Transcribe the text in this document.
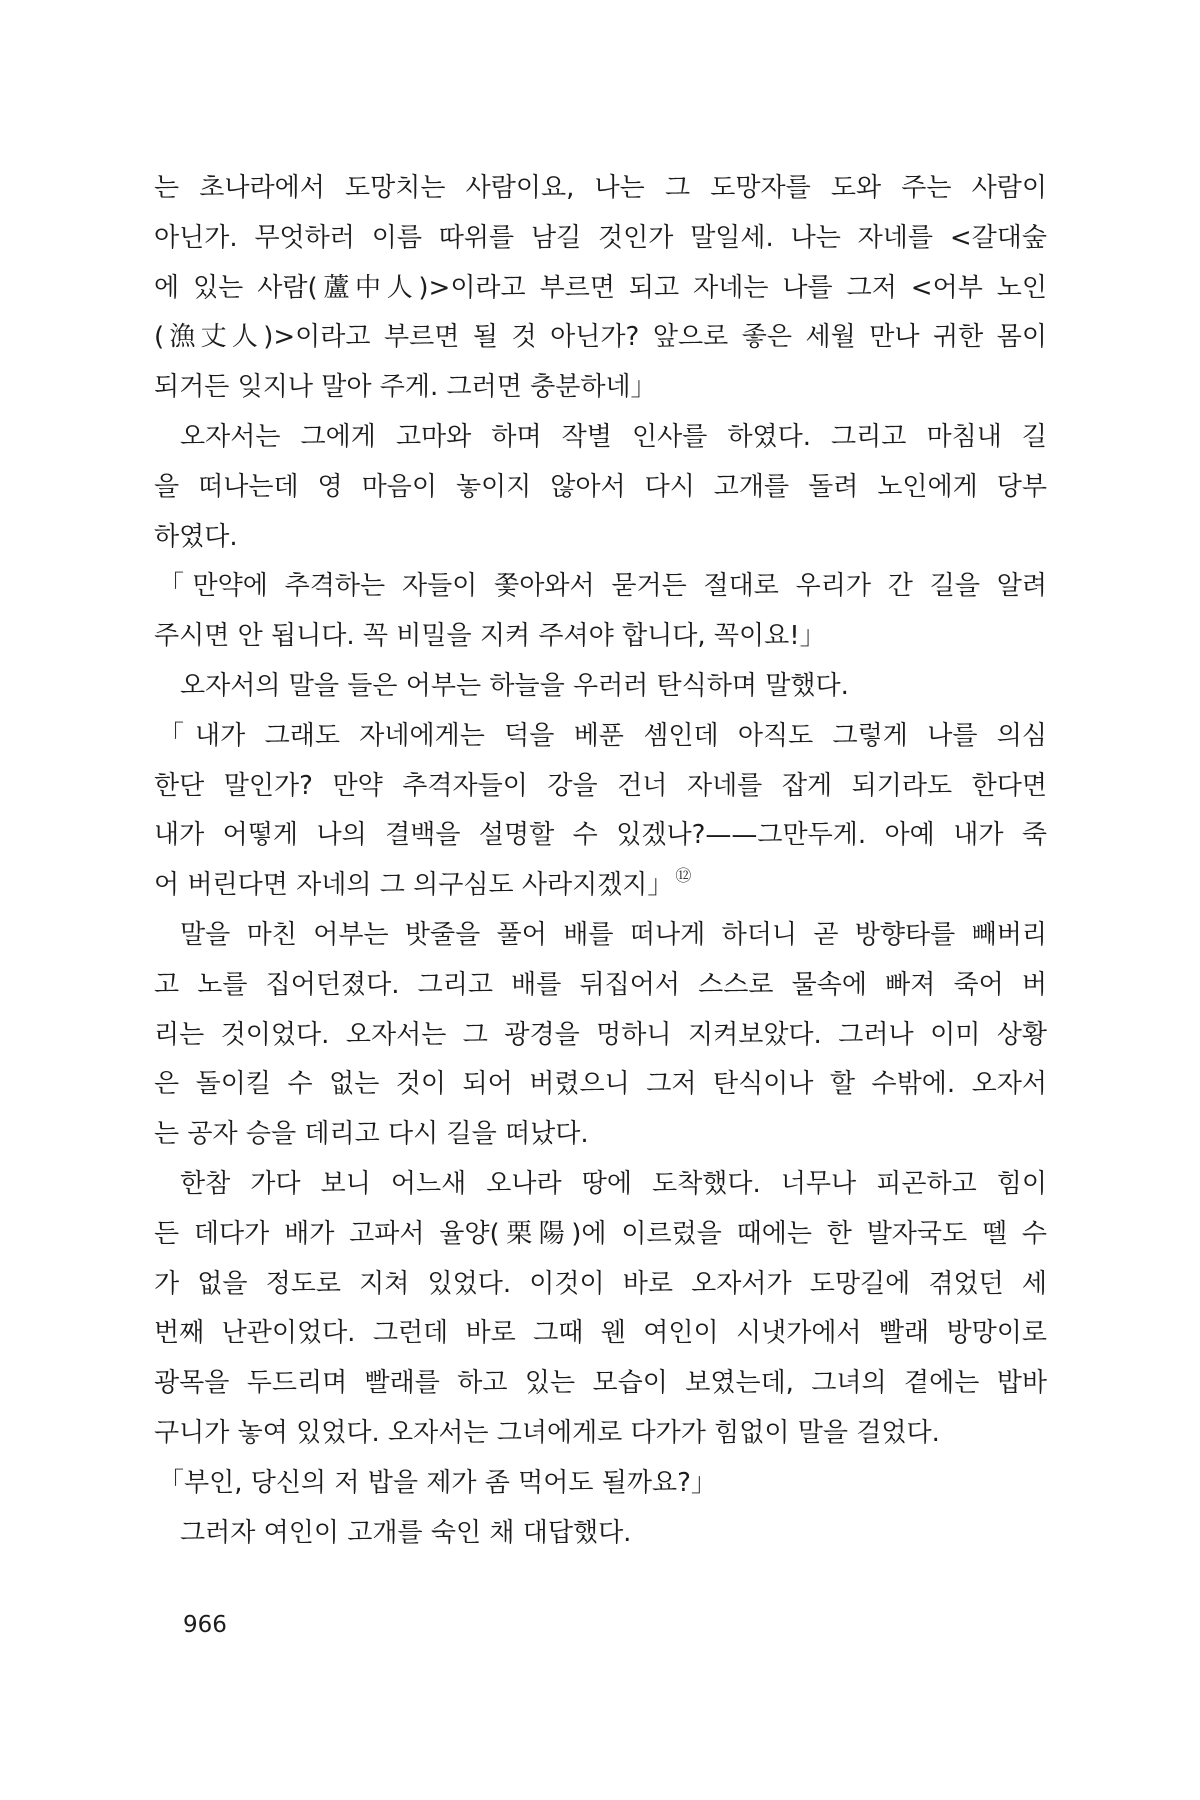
는 초나라에서 도망치는 사람이요, 나는 그 도망자를 도와 주는 사람이
아닌가. 무엇하러 이름 따위를 남길 것인가 말일세. 나는 자네를 <갈대숲
에 있는 사람(蘆中人)>이라고 부르면 되고 자네는 나를 그저 <어부 노인
(漁丈人)>이라고 부르면 될 것 아닌가? 앞으로 좋은 세월 만나 귀한 몸이
되거든 잊지나 말아 주게. 그러면 충분하네」
오자서는 그에게 고마와 하며 작별 인사를 하였다. 그리고 마침내 길
을 떠나는데 영 마음이 놓이지 않아서 다시 고개를 돌려 노인에게 당부
하였다.
「만약에 추격하는 자들이 쫓아와서 묻거든 절대로 우리가 간 길을 알려
주시면 안 됩니다. 꼭 비밀을 지켜 주셔야 합니다, 꼭이요!」
오자서의 말을 들은 어부는 하늘을 우러러 탄식하며 말했다.
「내가 그래도 자네에게는 덕을 베푼 셈인데 아직도 그렇게 나를 의심
한단 말인가? 만약 추격자들이 강을 건너 자네를 잡게 되기라도 한다면
내가 어떻게 나의 결백을 설명할 수 있겠나?——그만두게. 아예 내가 죽
어 버린다면 자네의 그 의구심도 사라지겠지」 ⑫
말을 마친 어부는 밧줄을 풀어 배를 떠나게 하더니 곧 방향타를 빼버리
고 노를 집어던졌다. 그리고 배를 뒤집어서 스스로 물속에 빠져 죽어 버
리는 것이었다. 오자서는 그 광경을 멍하니 지켜보았다. 그러나 이미 상황
은 돌이킬 수 없는 것이 되어 버렸으니 그저 탄식이나 할 수밖에. 오자서
는 공자 승을 데리고 다시 길을 떠났다.
한참 가다 보니 어느새 오나라 땅에 도착했다. 너무나 피곤하고 힘이
든 데다가 배가 고파서 율양(栗陽)에 이르렀을 때에는 한 발자국도 뗄 수
가 없을 정도로 지쳐 있었다. 이것이 바로 오자서가 도망길에 겪었던 세
번째 난관이었다. 그런데 바로 그때 웬 여인이 시냇가에서 빨래 방망이로
광목을 두드리며 빨래를 하고 있는 모습이 보였는데, 그녀의 곁에는 밥바
구니가 놓여 있었다. 오자서는 그녀에게로 다가가 힘없이 말을 걸었다.
「부인, 당신의 저 밥을 제가 좀 먹어도 될까요?」
그러자 여인이 고개를 숙인 채 대답했다.
966
